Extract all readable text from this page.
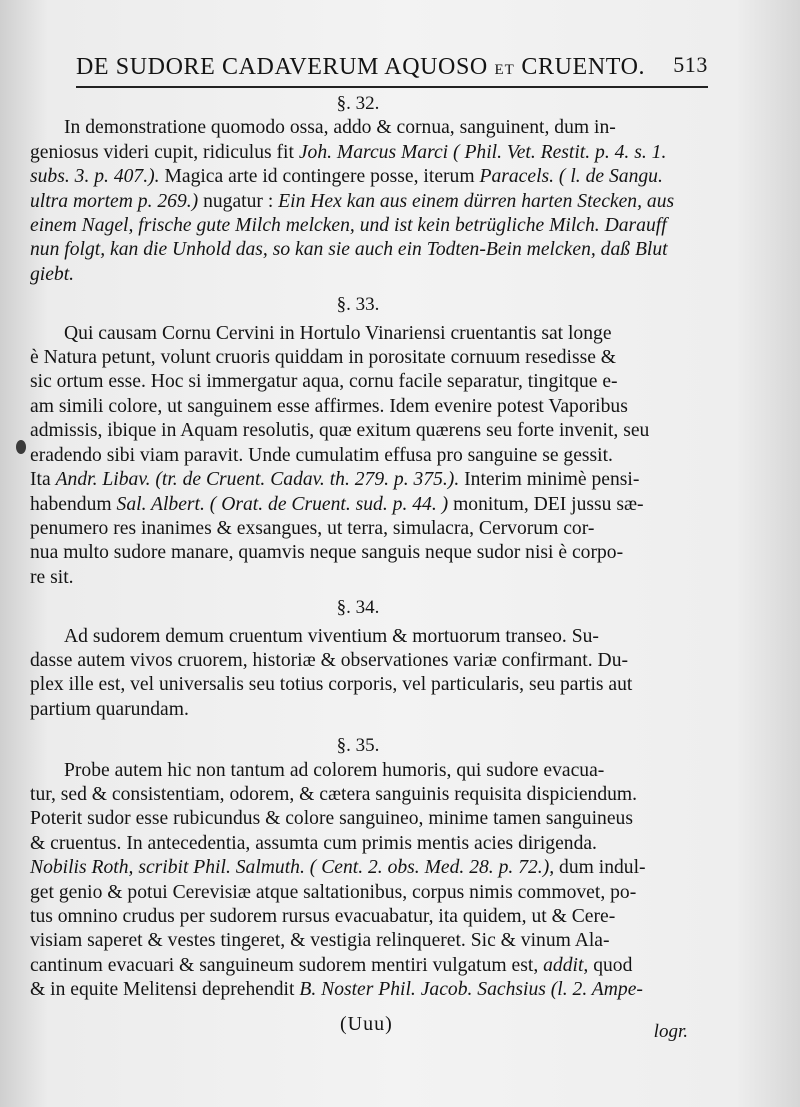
DE SUDORE CADAVERUM AQUOSO ET CRUENTO. 513

§. 32.

In demonstratione quomodo ossa, addo & cornua, sanguinent, dum in-

geniosus videri cupit, ridiculus fit Joh. Marcus Marci ( Phil. Vet. Restit. p. 4. s. 1.

subs. 3. p. 407.). Magica arte id contingere posse, iterum Paracels. ( l. de Sangu.

ultra mortem p. 269.) nugatur : Ein Hex kan aus einem dürren harten Stecken, aus

einem Nagel, frische gute Milch melcken, und ist kein betrügliche Milch. Darauff

nun folgt, kan die Unhold das, so kan sie auch ein Todten-Bein melcken, daß Blut

giebt.

§. 33.

Qui causam Cornu Cervini in Hortulo Vinariensi cruentantis sat longe

è Natura petunt, volunt cruoris quiddam in porositate cornuum resedisse &

sic ortum esse. Hoc si immergatur aqua, cornu facile separatur, tingitque e-

am simili colore, ut sanguinem esse affirmes. Idem evenire potest Vaporibus

admissis, ibique in Aquam resolutis, quæ exitum quærens seu forte invenit, seu

eradendo sibi viam paravit. Unde cumulatim effusa pro sanguine se gessit.

Ita Andr. Libav. (tr. de Cruent. Cadav. th. 279. p. 375.). Interim minimè pensi-

habendum Sal. Albert. ( Orat. de Cruent. sud. p. 44. ) monitum, DEI jussu sæ-

penumero res inanimes & exsangues, ut terra, simulacra, Cervorum cor-

nua multo sudore manare, quamvis neque sanguis neque sudor nisi è corpo-

re sit.

§. 34.

Ad sudorem demum cruentum viventium & mortuorum transeo. Su-

dasse autem vivos cruorem, historiæ & observationes variæ confirmant. Du-

plex ille est, vel universalis seu totius corporis, vel particularis, seu partis aut

partium quarundam.

§. 35.

Probe autem hic non tantum ad colorem humoris, qui sudore evacua-

tur, sed & consistentiam, odorem, & cætera sanguinis requisita dispiciendum.

Poterit sudor esse rubicundus & colore sanguineo, minime tamen sanguineus

& cruentus. In antecedentia, assumta cum primis mentis acies dirigenda.

Nobilis Roth, scribit Phil. Salmuth. ( Cent. 2. obs. Med. 28. p. 72.), dum indul-

get genio & potui Cerevisiæ atque saltationibus, corpus nimis commovet, po-

tus omnino crudus per sudorem rursus evacuabatur, ita quidem, ut & Cere-

visiam saperet & vestes tingeret, & vestigia relinqueret. Sic & vinum Ala-

cantinum evacuari & sanguineum sudorem mentiri vulgatum est, addit, quod

& in equite Melitensi deprehendit B. Noster Phil. Jacob. Sachsius (l. 2. Ampe-

(Uuu)	logr.
